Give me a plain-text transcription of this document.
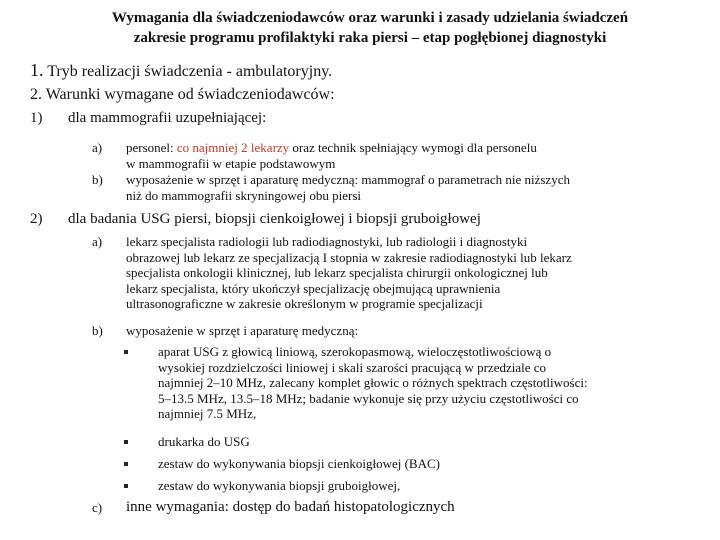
Wymagania dla świadczeniodawców oraz warunki i zasady udzielania świadczeń
zakresie programu profilaktyki raka piersi – etap pogłębionej diagnostyki
1. Tryb realizacji świadczenia - ambulatoryjny.
2. Warunki wymagane od świadczeniodawców:
1) dla mammografii uzupełniającej:
a) personel: co najmniej 2 lekarzy oraz technik spełniający wymogi dla personelu
w mammografii w etapie podstawowym
b) wyposażenie w sprzęt i aparaturę medyczną: mammograf o parametrach nie niższych
niż do mammografii skryningowej obu piersi
2) dla badania USG piersi, biopsji cienkoigłowej i biopsji gruboigłowej
a) lekarz specjalista radiologii lub radiodiagnostyki, lub radiologii i diagnostyki
obrazowej lub lekarz ze specjalizacją I stopnia w zakresie radiodiagnostyki lub lekarz
specjalista onkologii klinicznej, lub lekarz specjalista chirurgii onkologicznej lub
lekarz specjalista, który ukończył specjalizację obejmującą uprawnienia
ultrasonograficzne w zakresie określonym w programie specjalizacji
b) wyposażenie w sprzęt i aparaturę medyczną:
aparat USG z głowicą liniową, szerokopasmową, wieloczęstotliwościową o
wysokiej rozdzielczości liniowej i skali szarości pracującą w przedziale co
najmniej 2–10 MHz, zalecany komplet głowic o różnych spektrach częstotliwości:
5–13.5 MHz, 13.5–18 MHz; badanie wykonuje się przy użyciu częstotliwości co
najmniej 7.5 MHz,
drukarka do USG
zestaw do wykonywania biopsji cienkoigłowej (BAC)
zestaw do wykonywania biopsji gruboigłowej,
c) inne wymagania: dostęp do badań histopatologicznych
